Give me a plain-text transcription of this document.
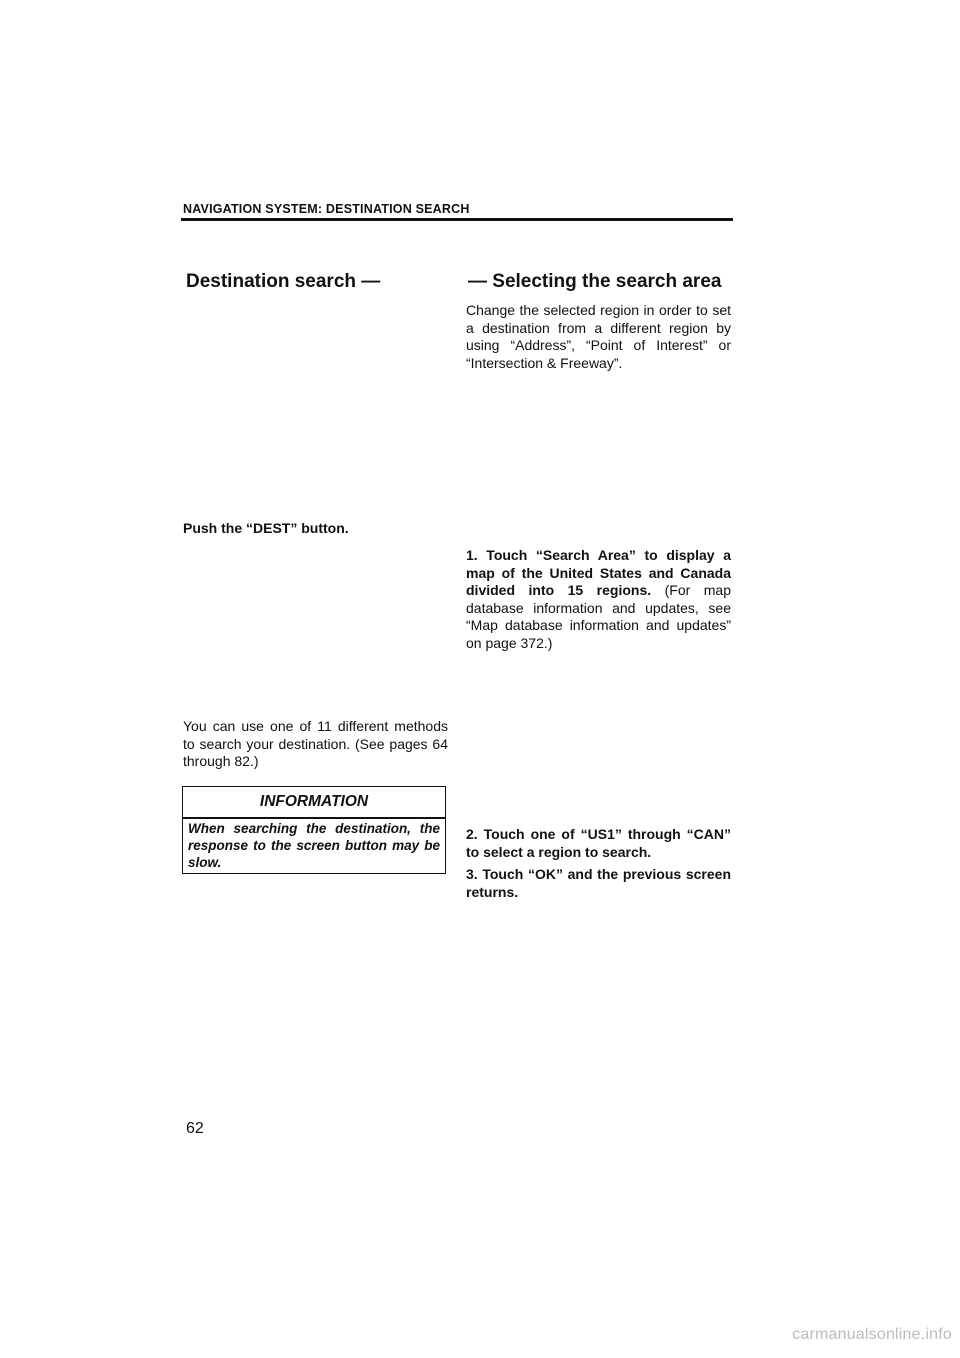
NAVIGATION SYSTEM: DESTINATION SEARCH
Destination search —	— Selecting the search area
Push the “DEST” button.
You can use one of 11 different methods to search your destination. (See pages 64 through 82.)
INFORMATION
When searching the destination, the response to the screen button may be slow.
Change the selected region in order to set a destination from a different region by using “Address”, “Point of Interest” or “Intersection & Freeway”.
1. Touch “Search Area” to display a map of the United States and Canada divided into 15 regions. (For map database information and updates, see “Map database information and updates” on page 372.)
2. Touch one of “US1” through “CAN” to select a region to search.
3. Touch “OK” and the previous screen returns.
62
carmanualsonline.info
